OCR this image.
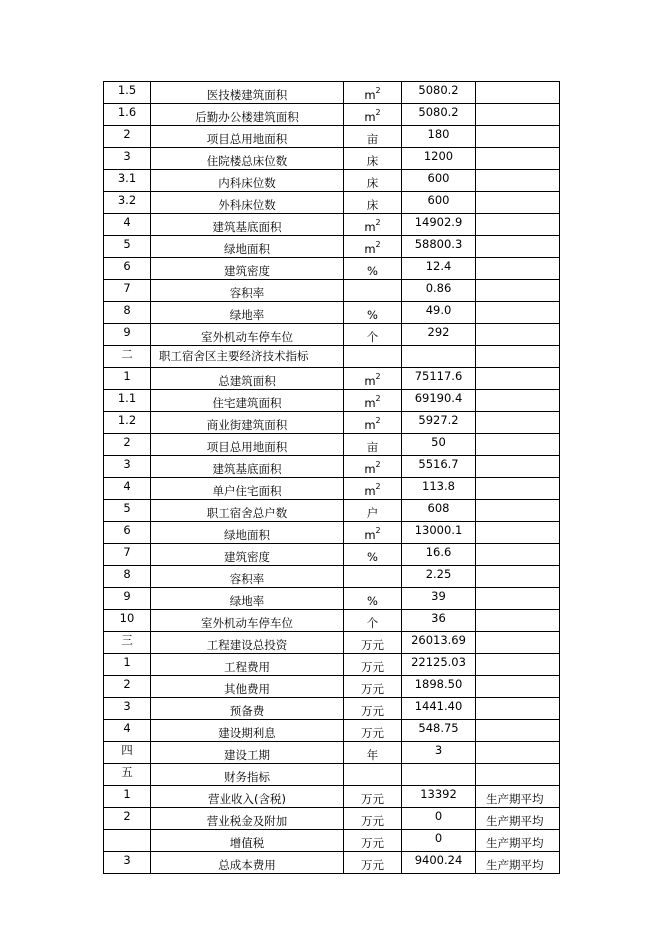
1.5	医技楼建筑面积	$m^2$	5080.2	
1.6	后勤办公楼建筑面积	$m^2$	5080.2	
2	项目总用地面积	亩	180	
3	住院楼总床位数	床	1200	
3.1	内科床位数	床	600	
3.2	外科床位数	床	600	
4	建筑基底面积	$m^2$	14902.9	
5	绿地面积	$m^2$	58800.3	
6	建筑密度	%	12.4	
7	容积率		0.86	
8	绿地率	%	49.0	
9	室外机动车停车位	个	292	
二	职工宿舍区主要经济技术指标			
1	总建筑面积	$m^2$	75117.6	
1.1	住宅建筑面积	$m^2$	69190.4	
1.2	商业街建筑面积	$m^2$	5927.2	
2	项目总用地面积	亩	50	
3	建筑基底面积	$m^2$	5516.7	
4	单户住宅面积	$m^2$	113.8	
5	职工宿舍总户数	户	608	
6	绿地面积	$m^2$	13000.1	
7	建筑密度	%	16.6	
8	容积率		2.25	
9	绿地率	%	39	
10	室外机动车停车位	个	36	
三	工程建设总投资	万元	26013.69	
1	工程费用	万元	22125.03	
2	其他费用	万元	1898.50	
3	预备费	万元	1441.40	
4	建设期利息	万元	548.75	
四	建设工期	年	3	
五	财务指标			
1	营业收入(含税)	万元	13392	生产期平均
2	营业税金及附加	万元	0	生产期平均
	增值税	万元	0	生产期平均
3	总成本费用	万元	9400.24	生产期平均
